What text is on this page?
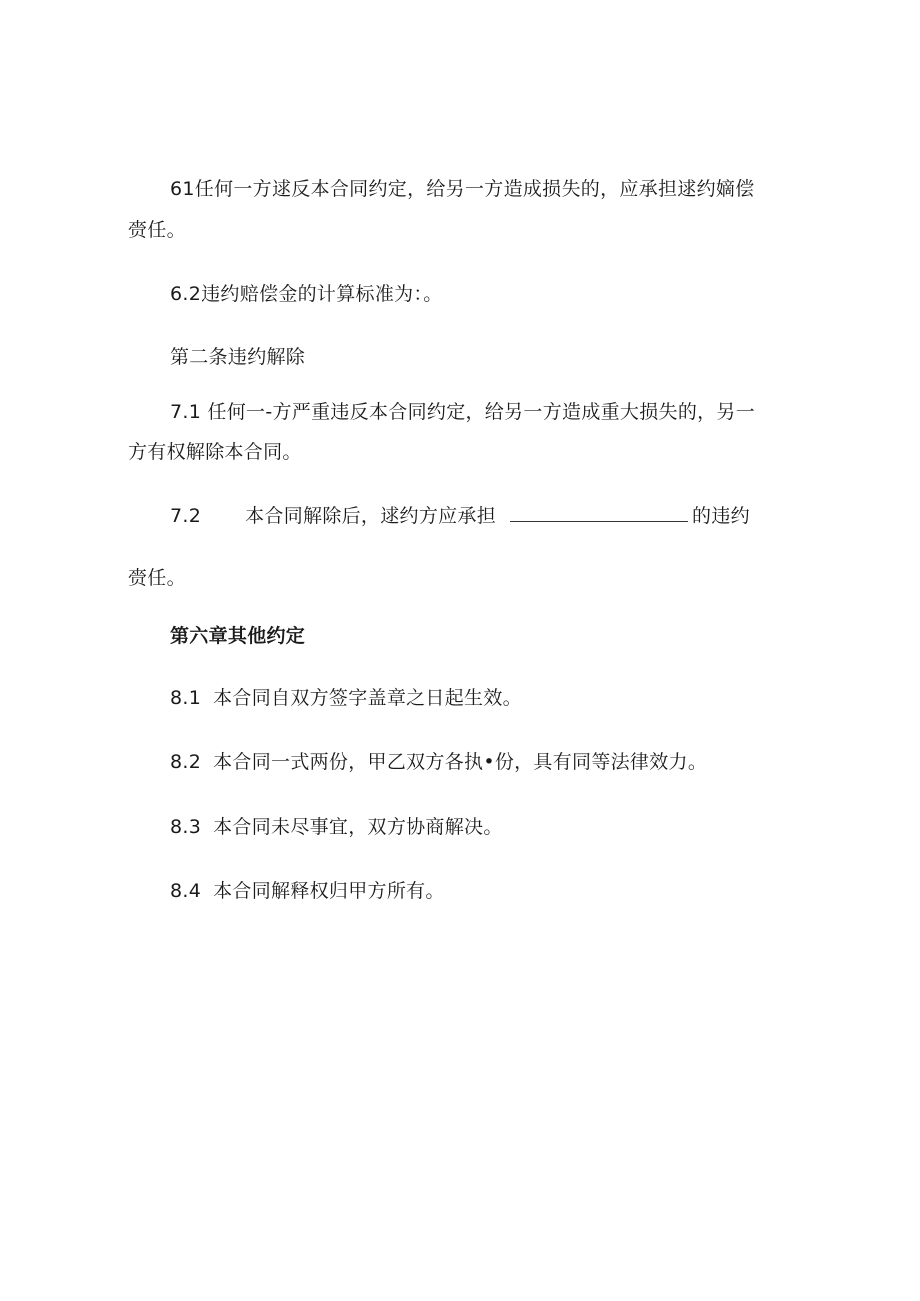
61任何一方逑反本合同约定，给另一方造成损失的，应承担逑约嫡偿
赍任。
6.2违约赔偿金的计算标准为：。
第二条违约解除
7.1 任何一-方严重违反本合同约定，给另一方造成重大损失的，另一
方有权解除本合同。
7.2 本合同解除后，逑约方应承担	的违约
赍任。
第六章其他约定
8.1 本合同自双方签字盖章之日起生效。
8.2 本合同一式两份，甲乙双方各执•份，具有同等法律效力。
8.3 本合同未尽事宜，双方协商解决。
8.4 本合同解释权归甲方所有。
